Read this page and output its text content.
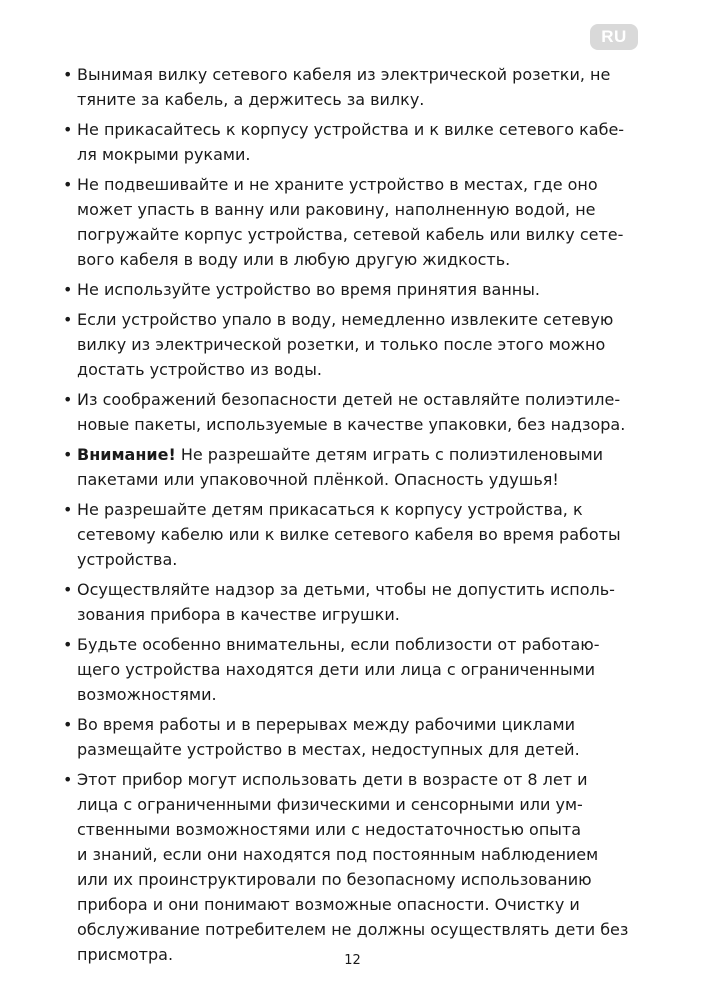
RU
• Вынимая вилку сетевого кабеля из электрической розетки, не
тяните за кабель, а держитесь за вилку.
• Не прикасайтесь к корпусу устройства и к вилке сетевого кабе-
ля мокрыми руками.
• Не подвешивайте и не храните устройство в местах, где оно
может упасть в ванну или раковину, наполненную водой, не
погружайте корпус устройства, сетевой кабель или вилку сете-
вого кабеля в воду или в любую другую жидкость.
• Не используйте устройство во время принятия ванны.
• Если устройство упало в воду, немедленно извлеките сетевую
вилку из электрической розетки, и только после этого можно
достать устройство из воды.
• Из соображений безопасности детей не оставляйте полиэтиле-
новые пакеты, используемые в качестве упаковки, без надзора.
• Внимание! Не разрешайте детям играть с полиэтиленовыми
пакетами или упаковочной плёнкой. Опасность удушья!
• Не разрешайте детям прикасаться к корпусу устройства, к
сетевому кабелю или к вилке сетевого кабеля во время работы
устройства.
• Осуществляйте надзор за детьми, чтобы не допустить исполь-
зования прибора в качестве игрушки.
• Будьте особенно внимательны, если поблизости от работаю-
щего устройства находятся дети или лица с ограниченными
возможностями.
• Во время работы и в перерывах между рабочими циклами
размещайте устройство в местах, недоступных для детей.
• Этот прибор могут использовать дети в возрасте от 8 лет и
лица с ограниченными физическими и сенсорными или ум-
ственными возможностями или с недостаточностью опыта
и знаний, если они находятся под постоянным наблюдением
или их проинструктировали по безопасному использованию
прибора и они понимают возможные опасности. Очистку и
обслуживание потребителем не должны осуществлять дети без
присмотра.	12
